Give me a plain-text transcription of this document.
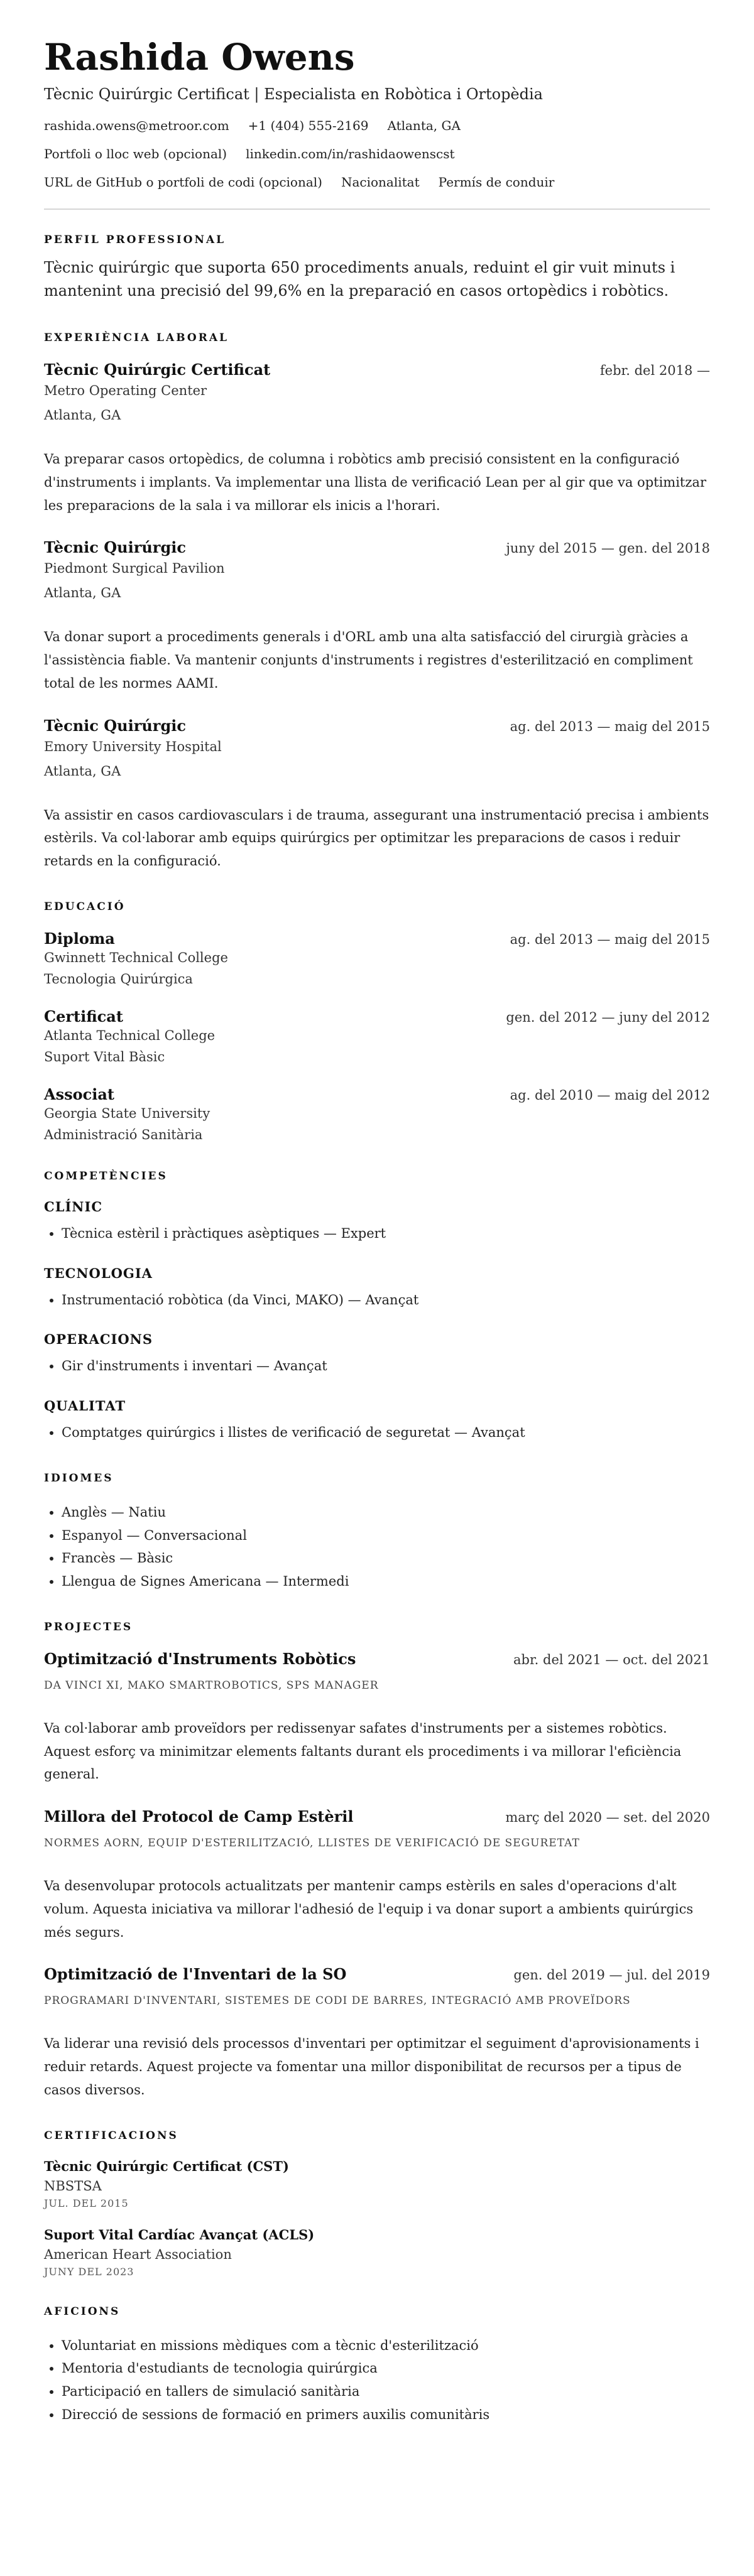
Rashida Owens
Tècnic Quirúrgic Certificat | Especialista en Robòtica i Ortopèdia
rashida.owens@metroor.com +1 (404) 555-2169 Atlanta, GA
Portfoli o lloc web (opcional) linkedin.com/in/rashidaowenscst
URL de GitHub o portfoli de codi (opcional) Nacionalitat Permís de conduir
PERFIL PROFESSIONAL

Tècnic quirúrgic que suporta 650 procediments anuals, reduint el gir vuit minuts i mantenint una precisió del 99,6% en la preparació en casos ortopèdics i robòtics.

EXPERIÈNCIA LABORAL
Tècnic Quirúrgic Certificat	febr. del 2018 —
Metro Operating Center
Atlanta, GA
Va preparar casos ortopèdics, de columna i robòtics amb precisió consistent en la configuració d'instruments i implants. Va implementar una llista de verificació Lean per al gir que va optimitzar les preparacions de la sala i va millorar els inicis a l'horari.
Tècnic Quirúrgic	juny del 2015 — gen. del 2018
Piedmont Surgical Pavilion
Atlanta, GA
Va donar suport a procediments generals i d'ORL amb una alta satisfacció del cirurgià gràcies a l'assistència fiable. Va mantenir conjunts d'instruments i registres d'esterilització en compliment total de les normes AAMI.
Tècnic Quirúrgic	ag. del 2013 — maig del 2015
Emory University Hospital
Atlanta, GA
Va assistir en casos cardiovasculars i de trauma, assegurant una instrumentació precisa i ambients estèrils. Va col·laborar amb equips quirúrgics per optimitzar les preparacions de casos i reduir retards en la configuració.
EDUCACIÓ
Diploma	ag. del 2013 — maig del 2015
Gwinnett Technical College
Tecnologia Quirúrgica
Certificat	gen. del 2012 — juny del 2012
Atlanta Technical College
Suport Vital Bàsic
Associat	ag. del 2010 — maig del 2012
Georgia State University
Administració Sanitària
COMPETÈNCIES
CLÍNIC
• Tècnica estèril i pràctiques asèptiques — Expert
TECNOLOGIA
• Instrumentació robòtica (da Vinci, MAKO) — Avançat
OPERACIONS
• Gir d'instruments i inventari — Avançat
QUALITAT
• Comptatges quirúrgics i llistes de verificació de seguretat — Avançat
IDIOMES
• Anglès — Natiu
• Espanyol — Conversacional
• Francès — Bàsic
• Llengua de Signes Americana — Intermedi
PROJECTES
Optimització d'Instruments Robòtics	abr. del 2021 — oct. del 2021
DA VINCI XI, MAKO SMARTROBOTICS, SPS MANAGER
Va col·laborar amb proveïdors per redissenyar safates d'instruments per a sistemes robòtics. Aquest esforç va minimitzar elements faltants durant els procediments i va millorar l'eficiència general.
Millora del Protocol de Camp Estèril	març del 2020 — set. del 2020
NORMES AORN, EQUIP D'ESTERILITZACIÓ, LLISTES DE VERIFICACIÓ DE SEGURETAT
Va desenvolupar protocols actualitzats per mantenir camps estèrils en sales d'operacions d'alt volum. Aquesta iniciativa va millorar l'adhesió de l'equip i va donar suport a ambients quirúrgics més segurs.
Optimització de l'Inventari de la SO	gen. del 2019 — jul. del 2019
PROGRAMARI D'INVENTARI, SISTEMES DE CODI DE BARRES, INTEGRACIÓ AMB PROVEÏDORS
Va liderar una revisió dels processos d'inventari per optimitzar el seguiment d'aprovisionaments i reduir retards. Aquest projecte va fomentar una millor disponibilitat de recursos per a tipus de casos diversos.
CERTIFICACIONS
Tècnic Quirúrgic Certificat (CST)
NBSTSA
JUL. DEL 2015
Suport Vital Cardíac Avançat (ACLS)
American Heart Association
JUNY DEL 2023
AFICIONS
• Voluntariat en missions mèdiques com a tècnic d'esterilització
• Mentoria d'estudiants de tecnologia quirúrgica
• Participació en tallers de simulació sanitària
• Direcció de sessions de formació en primers auxilis comunitàris
